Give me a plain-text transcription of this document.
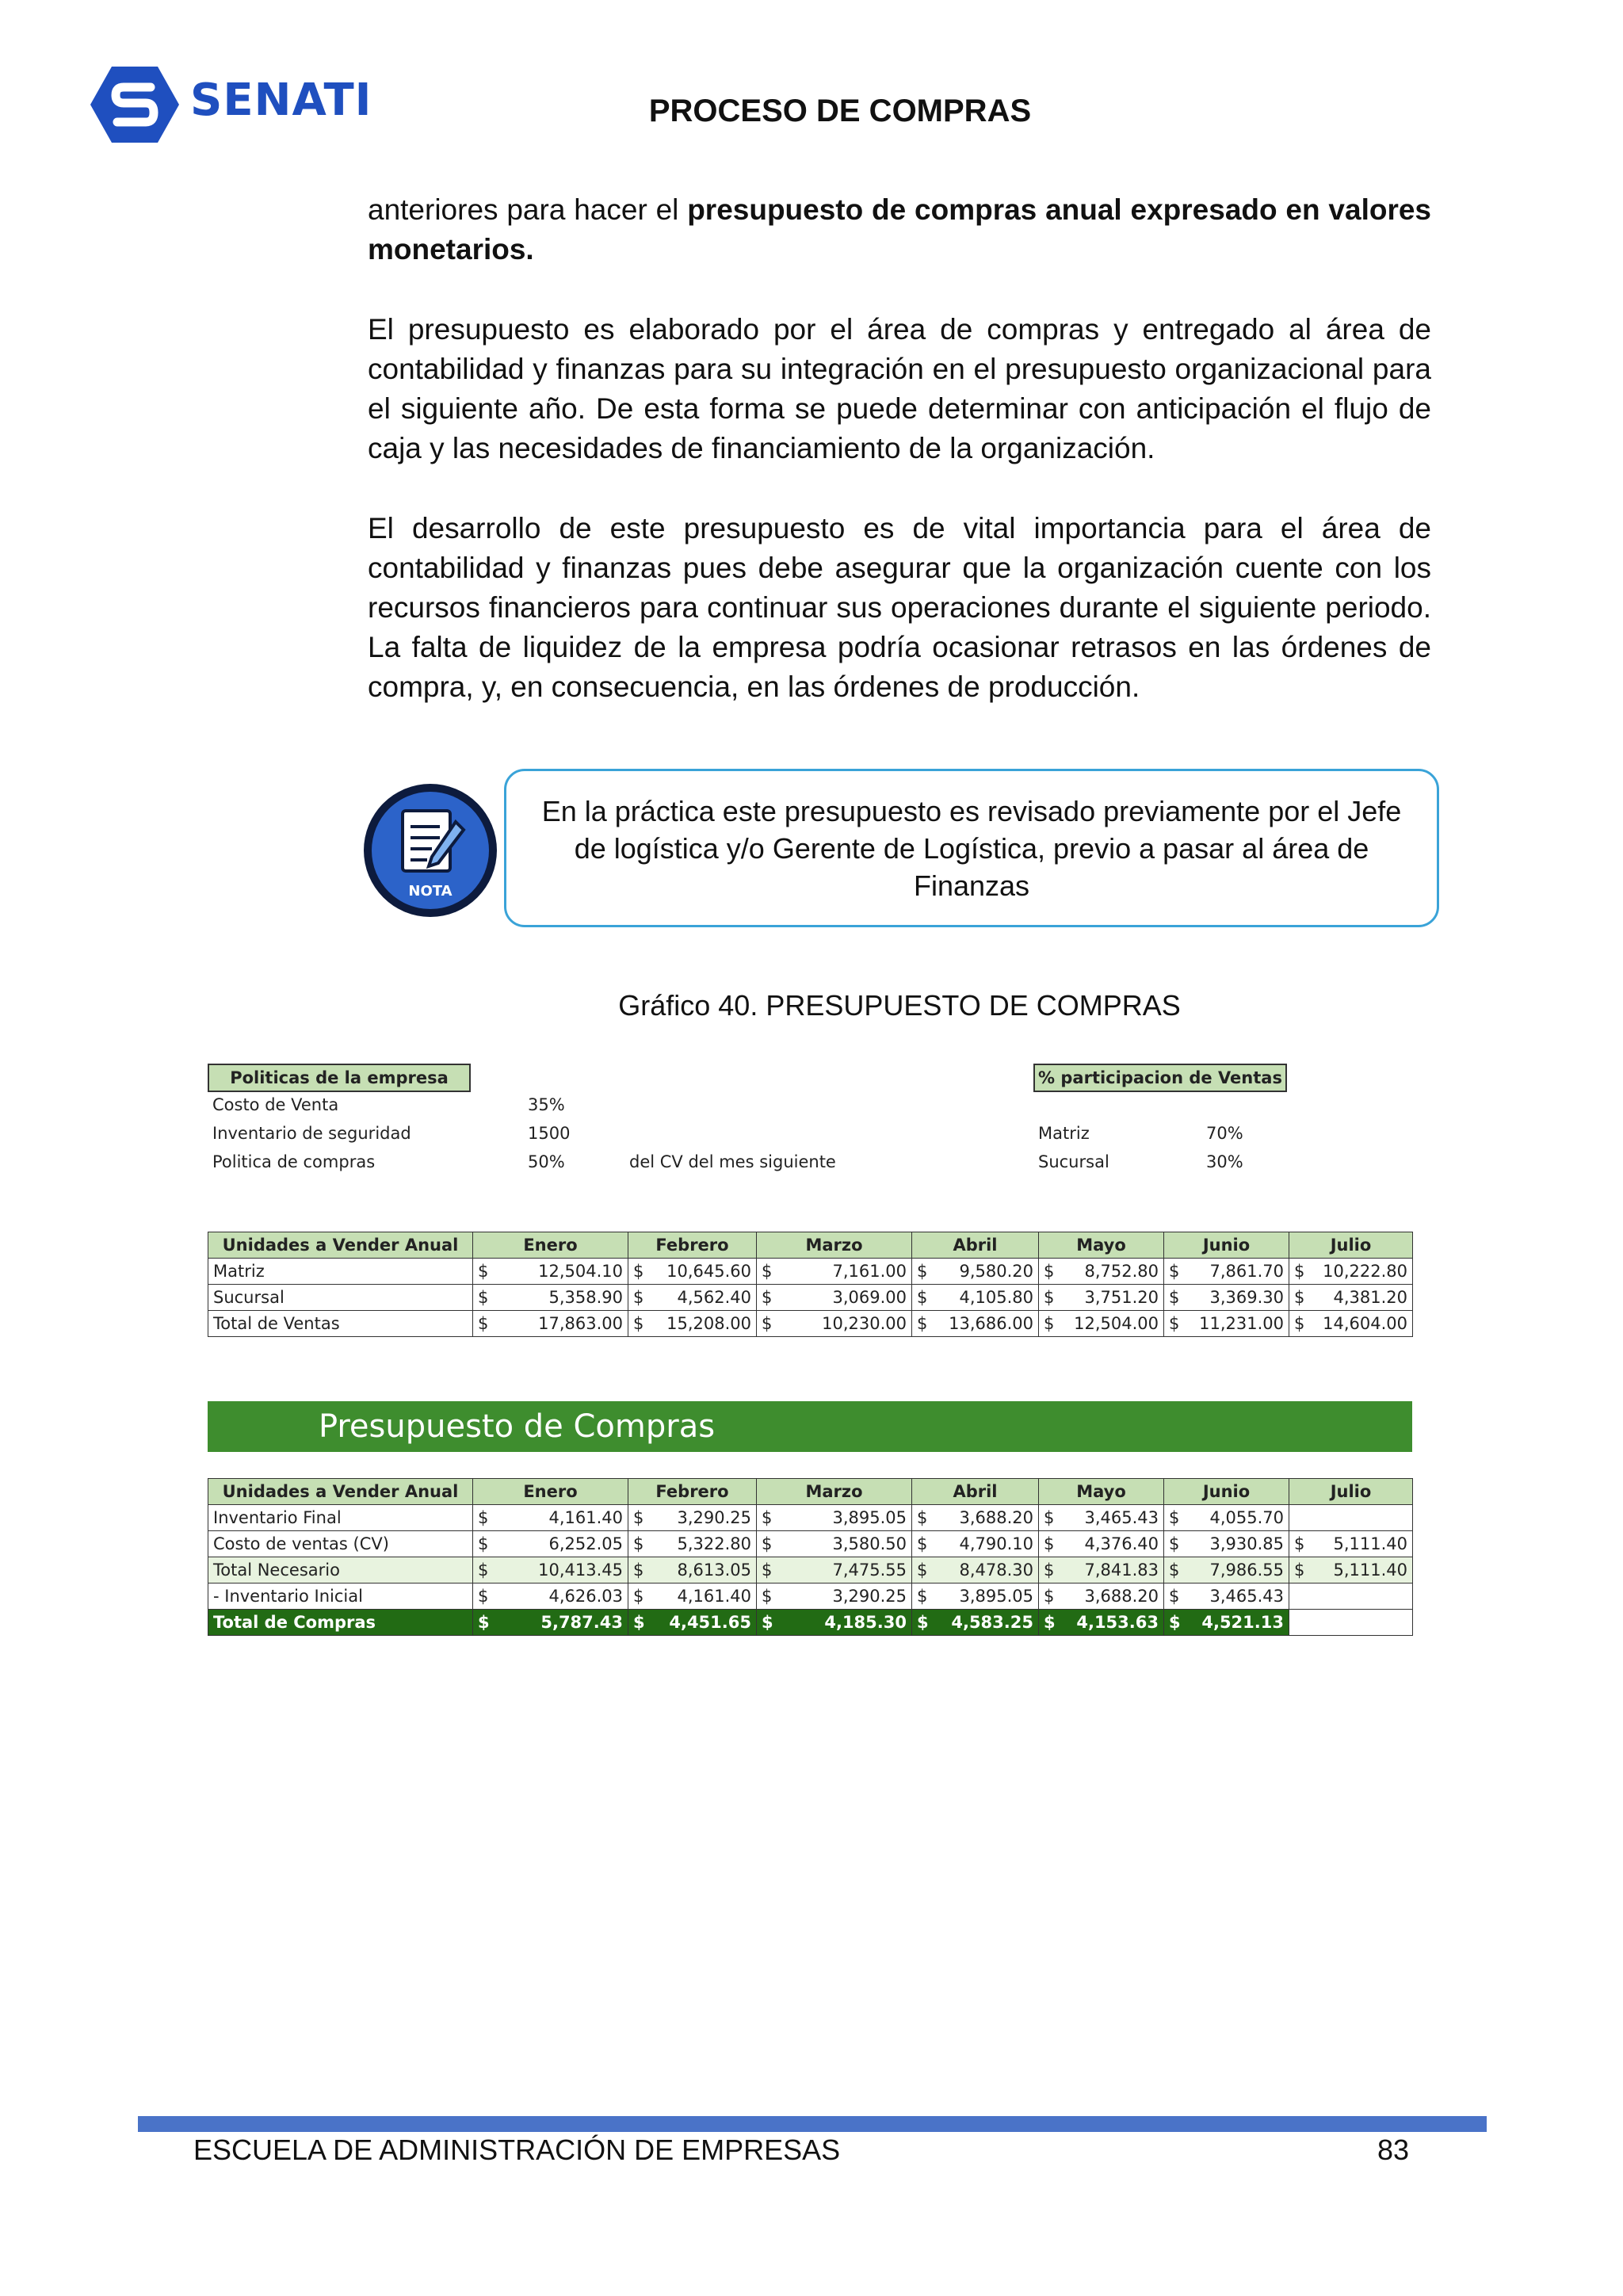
SENATI	PROCESO DE COMPRAS
anteriores para hacer el presupuesto de compras anual expresado en valores monetarios.
El presupuesto es elaborado por el área de compras y entregado al área de contabilidad y finanzas para su integración en el presupuesto organizacional para el siguiente año. De esta forma se puede determinar con anticipación el flujo de caja y las necesidades de financiamiento de la organización.
El desarrollo de este presupuesto es de vital importancia para el área de contabilidad y finanzas pues debe asegurar que la organización cuente con los recursos financieros para continuar sus operaciones durante el siguiente periodo. La falta de liquidez de la empresa podría ocasionar retrasos en las órdenes de compra, y, en consecuencia, en las órdenes de producción.
NOTA
En la práctica este presupuesto es revisado previamente por el Jefe de logística y/o Gerente de Logística, previo a pasar al área de Finanzas
Gráfico 40. PRESUPUESTO DE COMPRAS
Politicas de la empresa
Costo de Venta	35%
Inventario de seguridad	1500
Politica de compras	50%	del CV del mes siguiente
% participacion de Ventas
Matriz	70%
Sucursal	30%
Unidades a Vender Anual	Enero	Febrero	Marzo	Abril	Mayo	Junio	Julio
Matriz	$ 12,504.10	$ 10,645.60	$ 7,161.00	$ 9,580.20	$ 8,752.80	$ 7,861.70	$ 10,222.80
Sucursal	$ 5,358.90	$ 4,562.40	$ 3,069.00	$ 4,105.80	$ 3,751.20	$ 3,369.30	$ 4,381.20
Total de Ventas	$ 17,863.00	$ 15,208.00	$ 10,230.00	$ 13,686.00	$ 12,504.00	$ 11,231.00	$ 14,604.00
Presupuesto de Compras
Unidades a Vender Anual	Enero	Febrero	Marzo	Abril	Mayo	Junio	Julio
Inventario Final	$ 4,161.40	$ 3,290.25	$ 3,895.05	$ 3,688.20	$ 3,465.43	$ 4,055.70	
Costo de ventas (CV)	$ 6,252.05	$ 5,322.80	$ 3,580.50	$ 4,790.10	$ 4,376.40	$ 3,930.85	$ 5,111.40
Total Necesario	$ 10,413.45	$ 8,613.05	$ 7,475.55	$ 8,478.30	$ 7,841.83	$ 7,986.55	$ 5,111.40
- Inventario Inicial	$ 4,626.03	$ 4,161.40	$ 3,290.25	$ 3,895.05	$ 3,688.20	$ 3,465.43	
Total de Compras	$ 5,787.43	$ 4,451.65	$ 4,185.30	$ 4,583.25	$ 4,153.63	$ 4,521.13	
ESCUELA DE ADMINISTRACIÓN DE EMPRESAS	83
